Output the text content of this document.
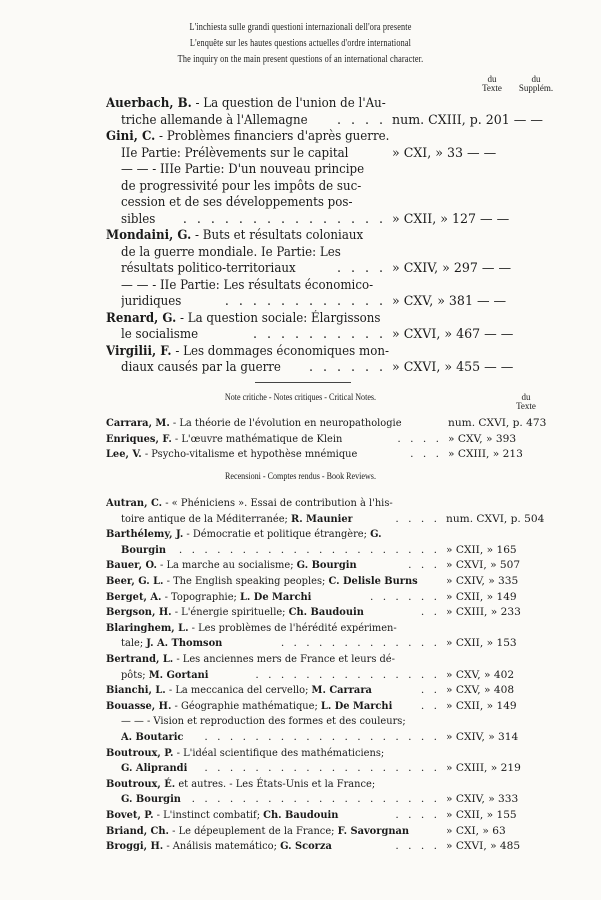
L'inchiesta sulle grandi questioni internazionali dell'ora presente
L'enquête sur les hautes questions actuelles d'ordre international
The inquiry on the main present questions of an international character.
du
Texte
du
Supplém.
Auerbach, B. - La question de l'union de l'Au-
triche allemande à l'Allemagne . . . . num. CXIII, p. 201 — —
Gini, C. - Problèmes financiers d'après guerre.
IIe Partie: Prélèvements sur le capital	» CXI, » 33 — —
— — - IIIe Partie: D'un nouveau principe
de progressivité pour les impôts de suc-
cession et de ses développements pos-
sibles . . . . . . . . . . . . . . . » CXII, » 127 — —
Mondaini, G. - Buts et résultats coloniaux
de la guerre mondiale. Ie Partie: Les
résultats politico-territoriaux	. . . . » CXIV, » 297 — —
— — - IIe Partie: Les résultats économico-
juridiques	. . . . . . . . . . . . » CXV, » 381 — —
Renard, G. - La question sociale: Élargissons
le socialisme	. . . . . . . . . . » CXVI, » 467 — —
Virgilii, F. - Les dommages économiques mon-
diaux causés par la guerre . . . . . . » CXVI, » 455 — —
Note critiche - Notes critiques - Critical Notes.	du
Texte
Carrara, M. - La théorie de l'évolution en neuropathologie	num. CXVI, p. 473
Enriques, F. - L'œuvre mathématique de Klein	. . . . » CXV, » 393
Lee, V. - Psycho-vitalisme et hypothèse mnémique	. . . » CXIII, » 213
Recensioni - Comptes rendus - Book Reviews.
Autran, C. - « Phéniciens ». Essai de contribution à l'his-
toire antique de la Méditerranée; R. Maunier	. . . . num. CXVI, p. 504
Barthélemy, J. - Démocratie et politique étrangère; G.
Bourgin . . . . . . . . . . . . . . . . . . . . . » CXII, » 165
Bauer, O. - La marche au socialisme; G. Bourgin	. . . » CXVI, » 507
Beer, G. L. - The English speaking peoples; C. Delisle Burns	» CXIV, » 335
Berget, A. - Topographie; L. De Marchi	. . . . . . » CXII, » 149
Bergson, H. - L'énergie spirituelle; Ch. Baudouin	. . » CXIII, » 233
Blaringhem, L. - Les problèmes de l'hérédité expérimen-
tale; J. A. Thomson	. . . . . . . . . . . . . » CXII, » 153
Bertrand, L. - Les anciennes mers de France et leurs dé-
pôts; M. Gortani	. . . . . . . . . . . . . . . » CXV, » 402
Bianchi, L. - La meccanica del cervello; M. Carrara	. . » CXV, » 408
Bouasse, H. - Géographie mathématique; L. De Marchi	. . » CXII, » 149
— — - Vision et reproduction des formes et des couleurs;
A. Boutaric . . . . . . . . . . . . . . . . . . . » CXIV, » 314
Boutroux, P. - L'idéal scientifique des mathématiciens;
G. Aliprandi . . . . . . . . . . . . . . . . . . . » CXIII, » 219
Boutroux, É. et autres. - Les États-Unis et la France;
G. Bourgin . . . . . . . . . . . . . . . . . . . . » CXIV, » 333
Bovet, P. - L'instinct combatif; Ch. Baudouin	. . . . » CXII, » 155
Briand, Ch. - Le dépeuplement de la France; F. Savorgnan	» CXI, » 63
Broggi, H. - Análisis matemático; G. Scorza	. . . . » CXVI, » 485
